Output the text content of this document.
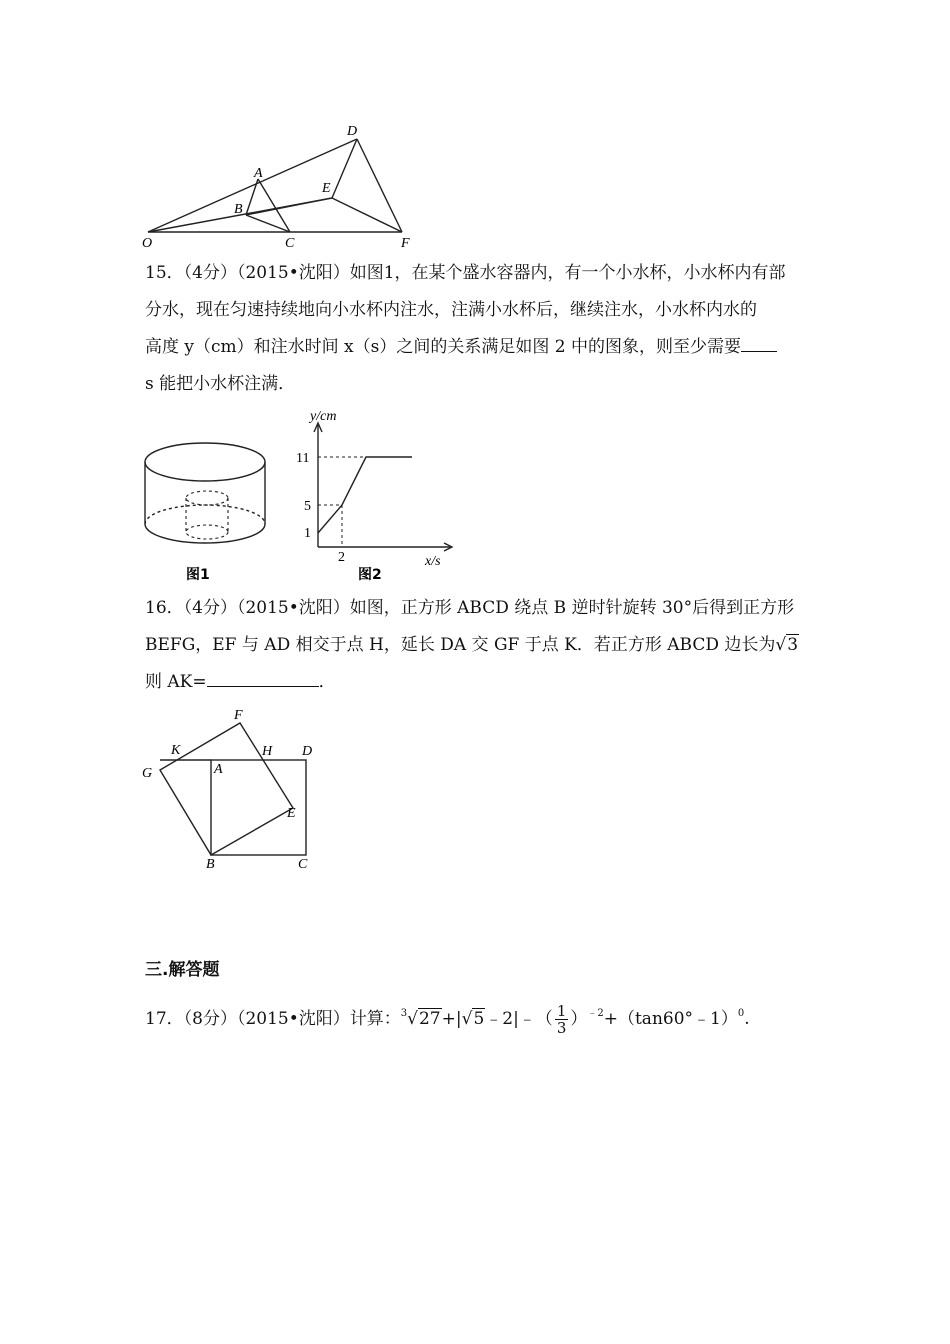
O	C	F
A
B
D
E
15．（4分）（2015•沈阳）如图1，在某个盛水容器内，有一个小水杯，小水杯内有部
分水，现在匀速持续地向小水杯内注水，注满小水杯后，继续注水，小水杯内水的
高度 y（cm）和注水时间 x（s）之间的关系满足如图 2 中的图象，则至少需要
s 能把小水杯注满．
图1
y/cm
x/s
11
5
1
2
图2
16．（4分）（2015•沈阳）如图，正方形 ABCD 绕点 B 逆时针旋转 30°后得到正方形
BEFG，EF 与 AD 相交于点 H，延长 DA 交 GF 于点 K．若正方形 ABCD 边长为√3
则 AK=	．
F
K	H D
G	A
E
B	C
三.解答题
17．（8分）（2015•沈阳）计算：$^3$√27+|√5﹣2|﹣（ $\frac{1}{3}$ ）$^{﹣2}$+（tan60°﹣1）$^0$.
